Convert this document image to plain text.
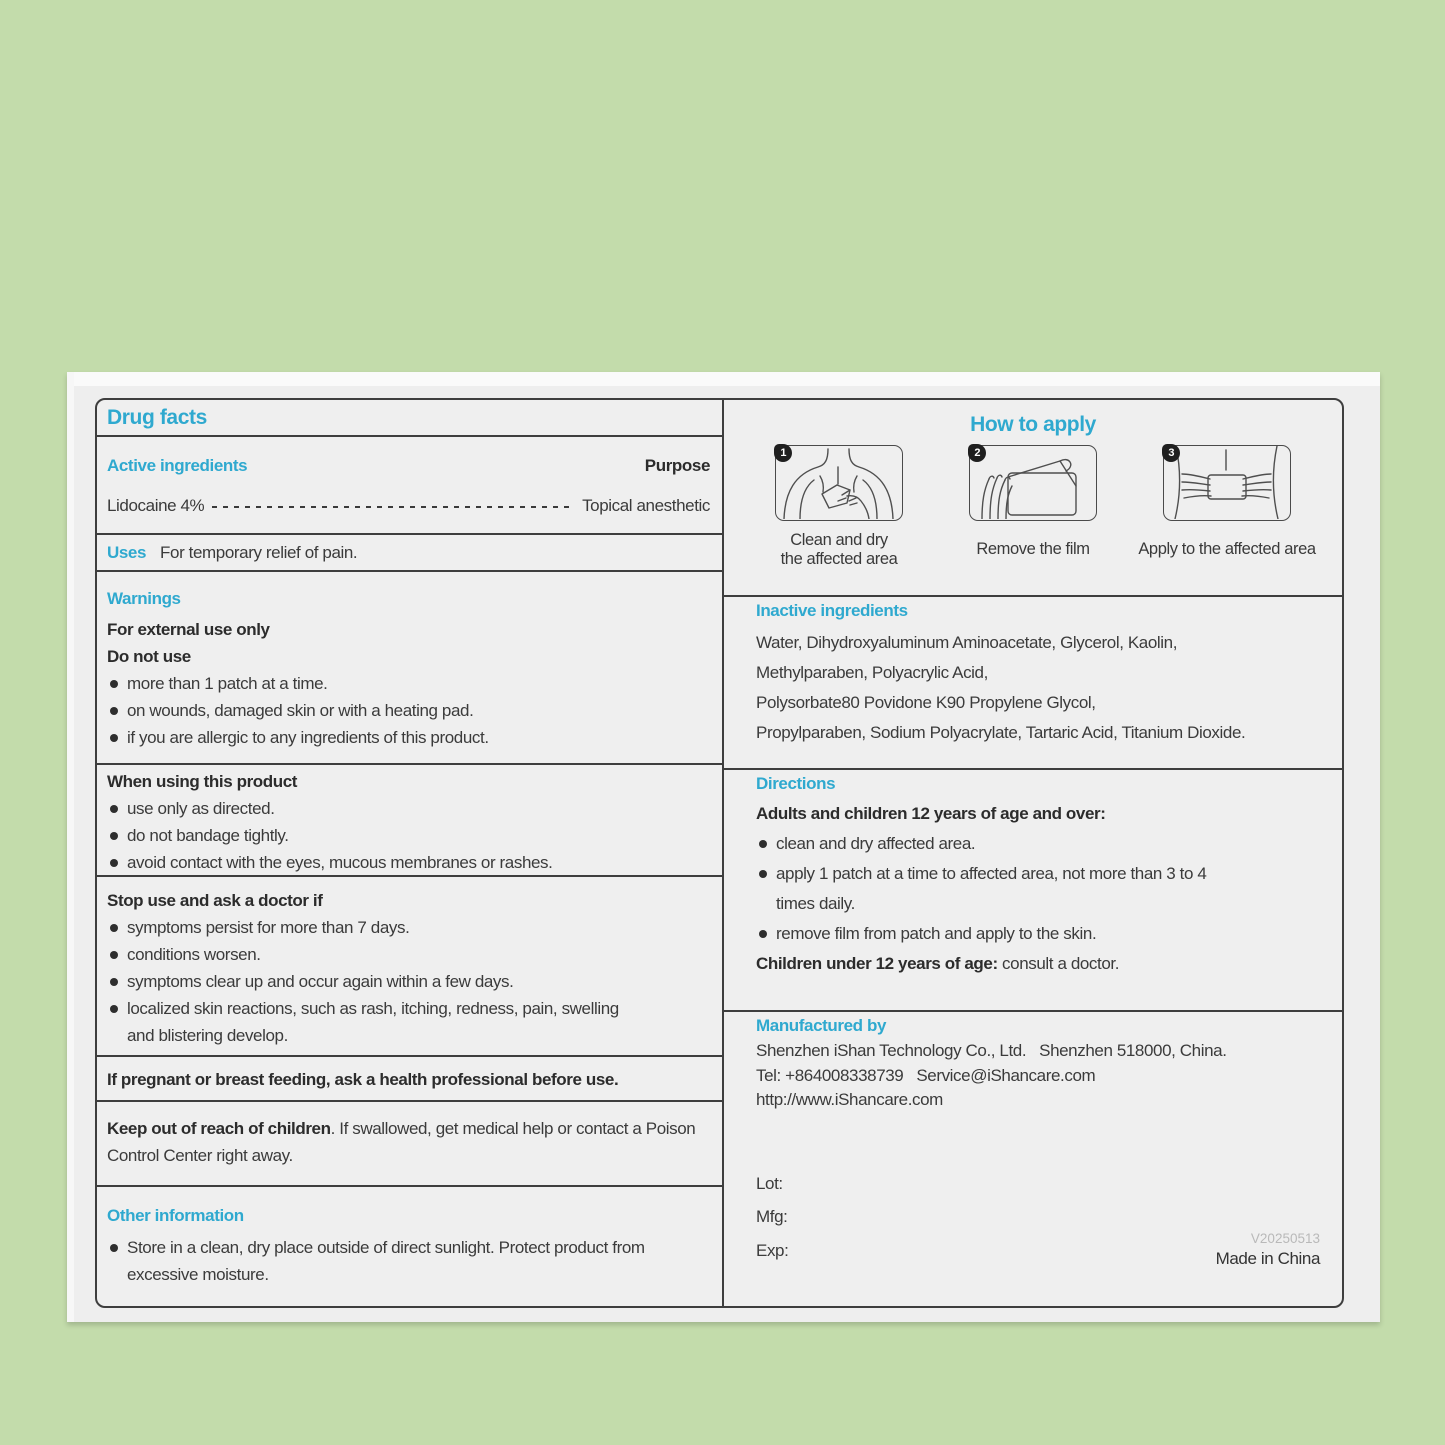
Drug facts
Active ingredients	Purpose
Lidocaine 4%	Topical anesthetic
Uses For temporary relief of pain.
Warnings
For external use only
Do not use
more than 1 patch at a time.
on wounds, damaged skin or with a heating pad.
if you are allergic to any ingredients of this product.
When using this product
use only as directed.
do not bandage tightly.
avoid contact with the eyes, mucous membranes or rashes.
Stop use and ask a doctor if
symptoms persist for more than 7 days.
conditions worsen.
symptoms clear up and occur again within a few days.
localized skin reactions, such as rash, itching, redness, pain, swelling and blistering develop.
If pregnant or breast feeding, ask a health professional before use.
Keep out of reach of children. If swallowed, get medical help or contact a Poison Control Center right away.
Other information
Store in a clean, dry place outside of direct sunlight. Protect product from excessive moisture.
How to apply
1
Clean and dry
the affected area
2
Remove the film
3
Apply to the affected area
Inactive ingredients
Water, Dihydroxyaluminum Aminoacetate, Glycerol, Kaolin,
Methylparaben, Polyacrylic Acid,
Polysorbate80 Povidone K90 Propylene Glycol,
Propylparaben, Sodium Polyacrylate, Tartaric Acid, Titanium Dioxide.
Directions
Adults and children 12 years of age and over:
clean and dry affected area.
apply 1 patch at a time to affected area, not more than 3 to 4 times daily.
remove film from patch and apply to the skin.
Children under 12 years of age: consult a doctor.
Manufactured by
Shenzhen iShan Technology Co., Ltd.   Shenzhen 518000, China.
Tel: +864008338739   Service@iShancare.com
http://www.iShancare.com
Lot:
Mfg:
Exp:
V20250513
Made in China
